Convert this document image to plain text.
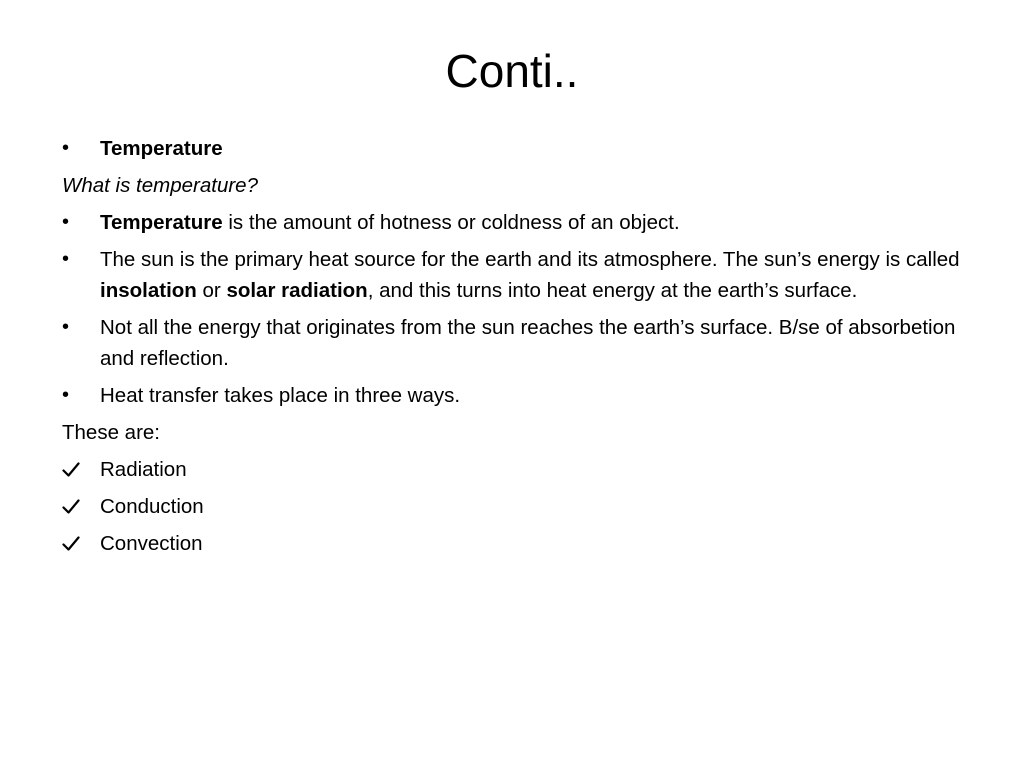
Conti..
•	Temperature
What is temperature?
•	Temperature is the amount of hotness or coldness of an object.
•	The sun is the primary heat source for the earth and its atmosphere. The sun’s energy is called insolation or solar radiation, and this turns into heat energy at the earth’s surface.
•	Not all the energy that originates from the sun reaches the earth’s surface. B/se of absorbetion and reflection.
•	Heat transfer takes place in three ways.
These are:
Radiation
Conduction
Convection
